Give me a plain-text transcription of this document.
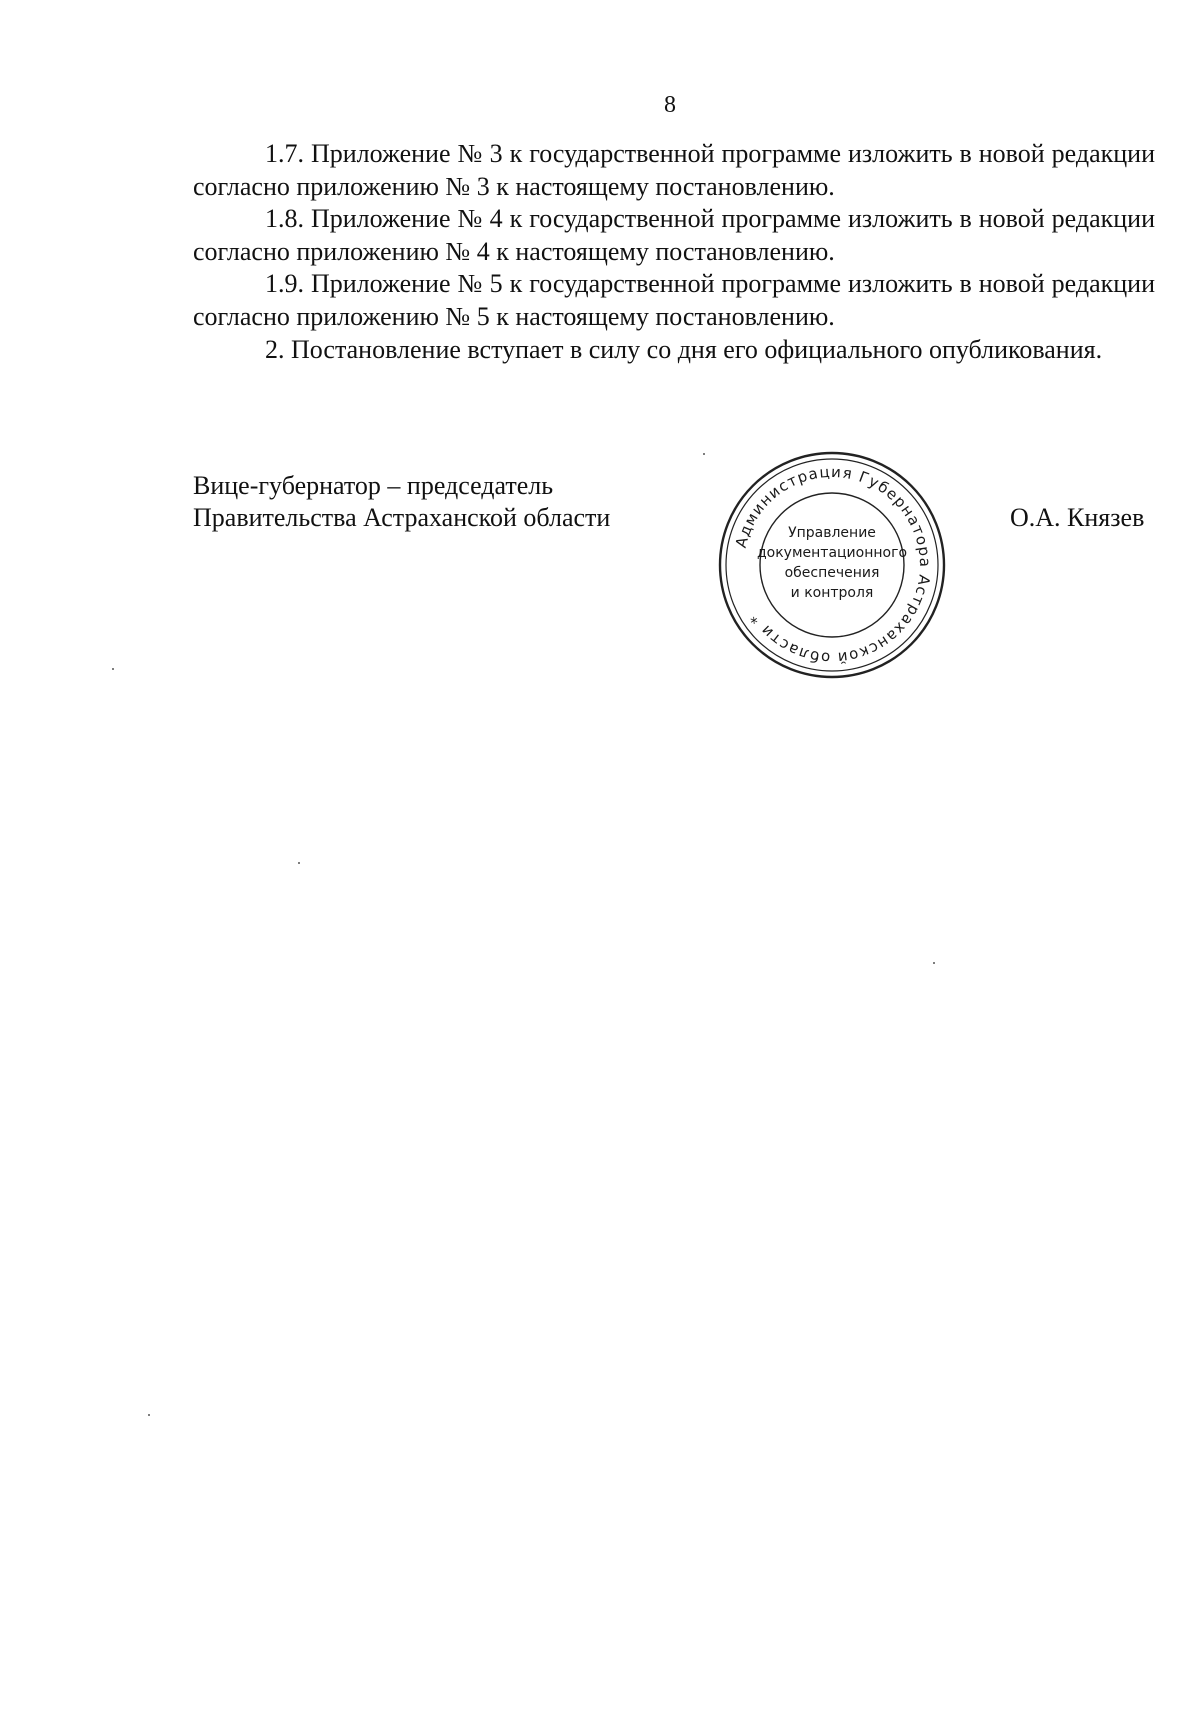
8

1.7. Приложение № 3 к государственной программе изложить в новой редакции согласно приложению № 3 к настоящему постановлению.

1.8. Приложение № 4 к государственной программе изложить в новой редакции согласно приложению № 4 к настоящему постановлению.

1.9. Приложение № 5 к государственной программе изложить в новой редакции согласно приложению № 5 к настоящему постановлению.

2. Постановление вступает в силу со дня его официального опубликования.

Вице-губернатор – председатель
Правительства Астраханской области
Администрация Губернатора Астраханской области *
Управление
документационного
обеспечения
и контроля
О.А. Князев
